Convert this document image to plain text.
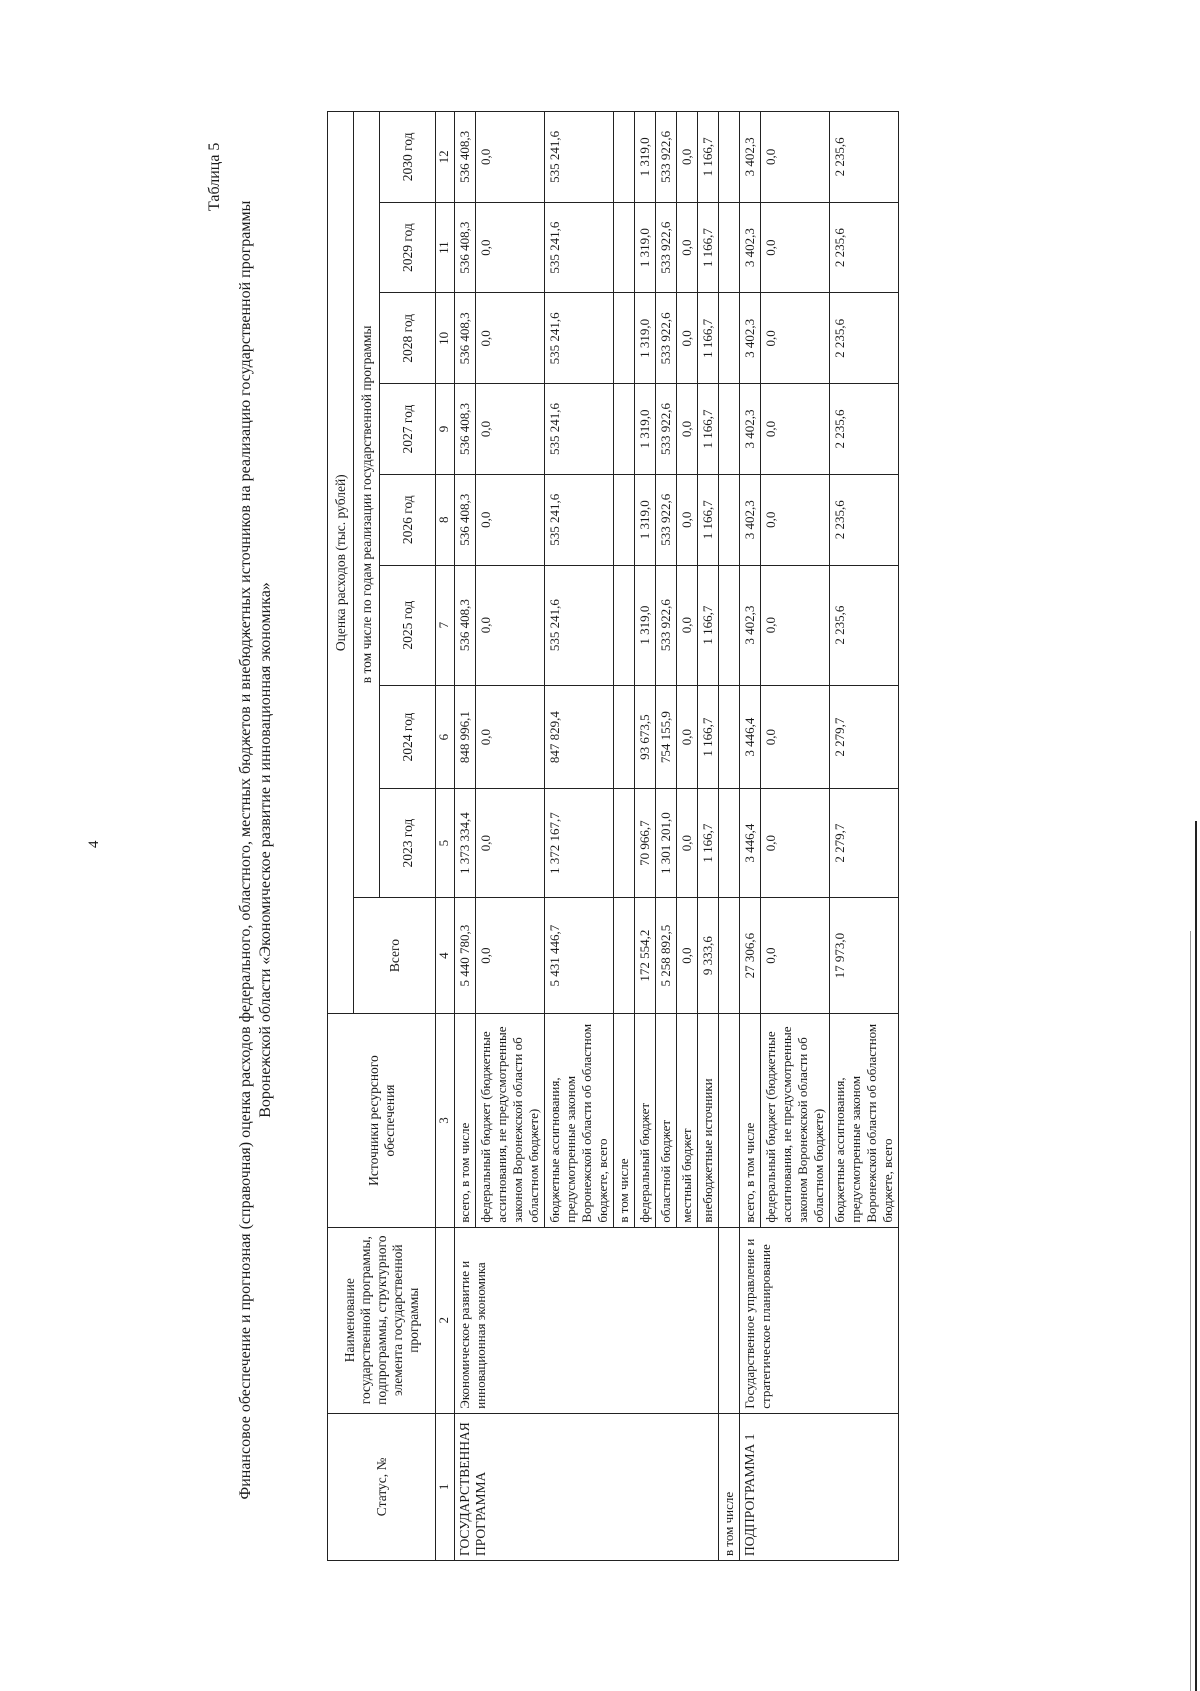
4
Таблица 5
Финансовое обеспечение и прогнозная (справочная) оценка расходов федерального, областного, местных бюджетов и внебюджетных источников на реализацию государственной программы Воронежской области «Экономическое развитие и инновационная экономика»
Статус, №	Наименование государственной программы, подпрограммы, структурного элемента государственной программы	Источники ресурсного обеспечения	Оценка расходов (тыс. рублей)								
			Всего	в том числе по годам реализации государственной программы							
				2023 год	2024 год	2025 год	2026 год	2027 год	2028 год	2029 год	2030 год
1	2	3	4	5	6	7	8	9	10	11	12
ГОСУДАРСТВЕННАЯ ПРОГРАММА	Экономическое развитие и инновационная экономика	всего, в том числе	5 440 780,3	1 373 334,4	848 996,1	536 408,3	536 408,3	536 408,3	536 408,3	536 408,3	536 408,3
		федеральный бюджет (бюджетные ассигнования, не предусмотренные законом Воронежской области об областном бюджете)	0,0	0,0	0,0	0,0	0,0	0,0	0,0	0,0	0,0
		бюджетные ассигнования, предусмотренные законом Воронежской области об областном бюджете, всего	5 431 446,7	1 372 167,7	847 829,4	535 241,6	535 241,6	535 241,6	535 241,6	535 241,6	535 241,6
		в том числе									
		федеральный бюджет	172 554,2	70 966,7	93 673,5	1 319,0	1 319,0	1 319,0	1 319,0	1 319,0	1 319,0
		областной бюджет	5 258 892,5	1 301 201,0	754 155,9	533 922,6	533 922,6	533 922,6	533 922,6	533 922,6	533 922,6
		местный бюджет	0,0	0,0	0,0	0,0	0,0	0,0	0,0	0,0	0,0
		внебюджетные источники	9 333,6	1 166,7	1 166,7	1 166,7	1 166,7	1 166,7	1 166,7	1 166,7	1 166,7
в том числе											
ПОДПРОГРАММА 1	Государственное управление и стратегическое планирование	всего, в том числе	27 306,6	3 446,4	3 446,4	3 402,3	3 402,3	3 402,3	3 402,3	3 402,3	3 402,3
		федеральный бюджет (бюджетные ассигнования, не предусмотренные законом Воронежской области об областном бюджете)	0,0	0,0	0,0	0,0	0,0	0,0	0,0	0,0	0,0
		бюджетные ассигнования, предусмотренные законом Воронежской области об областном бюджете, всего	17 973,0	2 279,7	2 279,7	2 235,6	2 235,6	2 235,6	2 235,6	2 235,6	2 235,6
